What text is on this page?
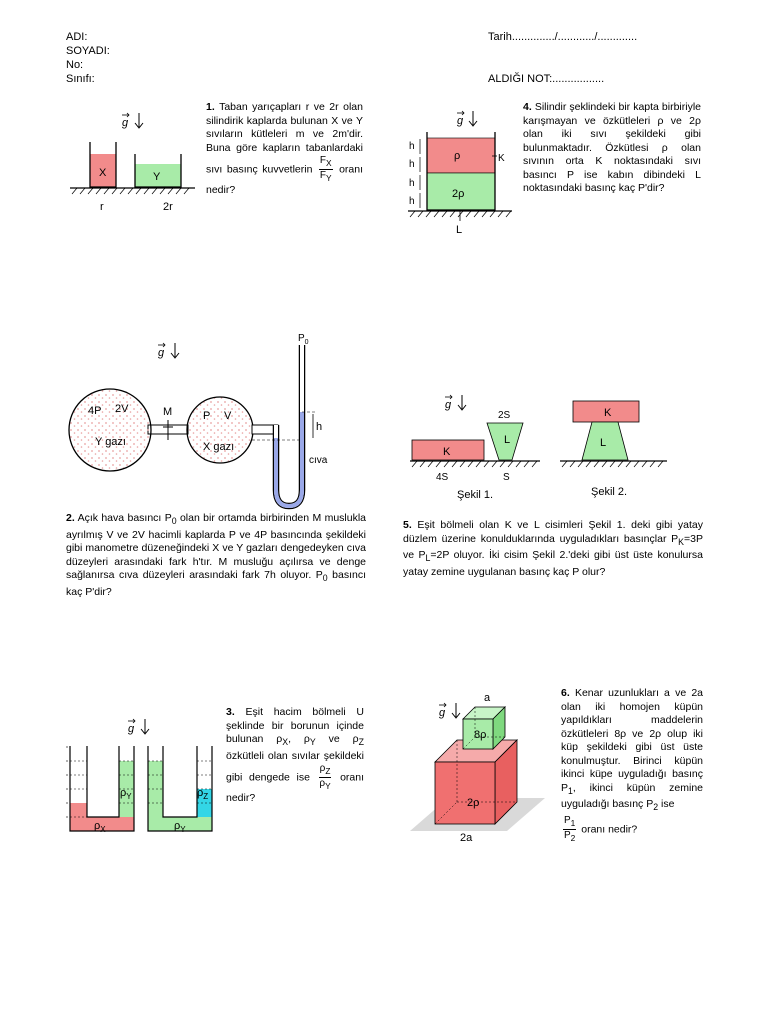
ADI:
SOYADI:
No:
Sınıfı:
Tarih............../............/.............
ALDIĞI NOT:.................
g
X	Y
r	2r
1. Taban yarıçapları r ve 2r olan silindirik kaplarda bulunan X ve Y sıvıların kütleleri m ve 2m'dir. Buna göre kapların tabanlardaki sıvı basınç kuvvetlerin $\frac{F_X}{F_Y}$ oranı nedir?
g
ρ
2ρ
K
h
h
h
h
L
4. Silindir şeklindeki bir kapta birbiriyle karışmayan ve özkütleleri ρ ve 2ρ olan iki sıvı şekildeki gibi bulunmaktadır. Özkütlesi ρ olan sıvının orta K noktasındaki sıvı basıncı P ise kabın dibindeki L noktasındaki basınç kaç P'dir?
g
M
h
$P_0$
cıva
4P 2V
Y gazı
P V
X gazı
2. Açık hava basıncı $P_0$ olan bir ortamda birbirinden M muslukla ayrılmış V ve 2V hacimli kaplarda P ve 4P basıncında şekildeki gibi manometre düzeneğindeki X ve Y gazları dengedeyken cıva düzeyleri arasındaki fark h'tır. M musluğu açılırsa ve denge sağlanırsa cıva düzeyleri arasındaki fark 7h oluyor. $P_0$ basıncı kaç P'dir?
g
K
L
2S
4S	S
Şekil 1.
K
L
Şekil 2.
5. Eşit bölmeli olan K ve L cisimleri Şekil 1. deki gibi yatay düzlem üzerine konulduklarında uyguladıkları basınçlar $P_K=3P$ ve $P_L=2P$ oluyor. İki cisim Şekil 2.'deki gibi üst üste konulursa yatay zemine uygulanan basınç kaç P olur?
g
$\rho_X$
$\rho_Y$
$\rho_Y$
$\rho_Z$
3. Eşit hacim bölmeli U şeklinde bir borunun içinde bulunan $\rho_X$, $\rho_Y$ ve $\rho_Z$ özkütleli olan sıvılar şekildeki gibi dengede ise $\frac{\rho_Z}{\rho_Y}$ oranı nedir?
a
g
8ρ
2ρ
2a
6. Kenar uzunlukları a ve 2a olan iki homojen küpün yapıldıkları maddelerin özkütleleri 8ρ ve 2ρ olup iki küp şekildeki gibi üst üste konulmuştur. Birinci küpün ikinci küpe uyguladığı basınç $P_1$, ikinci küpün zemine uyguladığı basınç $P_2$ ise

$\frac{P_1}{P_2}$ oranı nedir?
